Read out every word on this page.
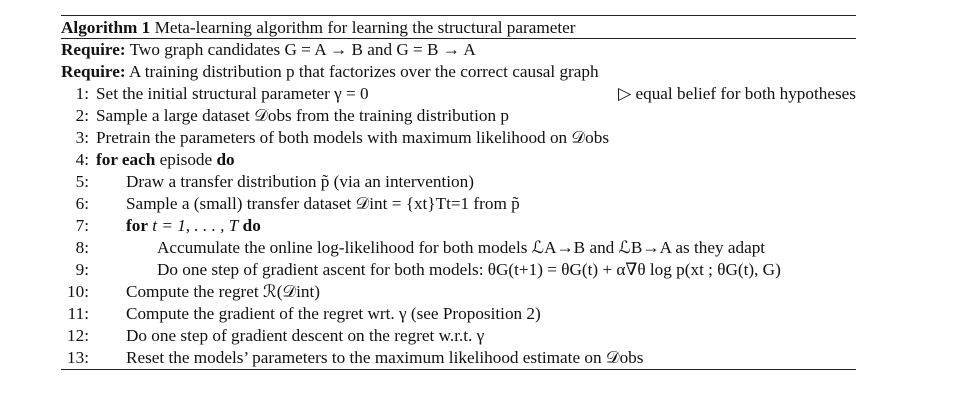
Algorithm 1 Meta-learning algorithm for learning the structural parameter
Require: Two graph candidates G = A → B and G = B → A
Require: A training distribution p that factorizes over the correct causal graph
1: Set the initial structural parameter γ = 0	▷ equal belief for both hypotheses
2: Sample a large dataset 𝒟obs from the training distribution p
3: Pretrain the parameters of both models with maximum likelihood on 𝒟obs
4: for each episode do
5: Draw a transfer distribution p̃ (via an intervention)
6: Sample a (small) transfer dataset 𝒟int = {xt}Tt=1 from p̃
7: for t = 1, . . . , T do
8:	Accumulate the online log-likelihood for both models ℒA→B and ℒB→A as they adapt
9:	Do one step of gradient ascent for both models: θG(t+1) = θG(t) + α∇θ log p(xt ; θG(t), G)
10: Compute the regret ℛ(𝒟int)
11: Compute the gradient of the regret wrt. γ (see Proposition 2)
12: Do one step of gradient descent on the regret w.r.t. γ
13: Reset the models’ parameters to the maximum likelihood estimate on 𝒟obs
